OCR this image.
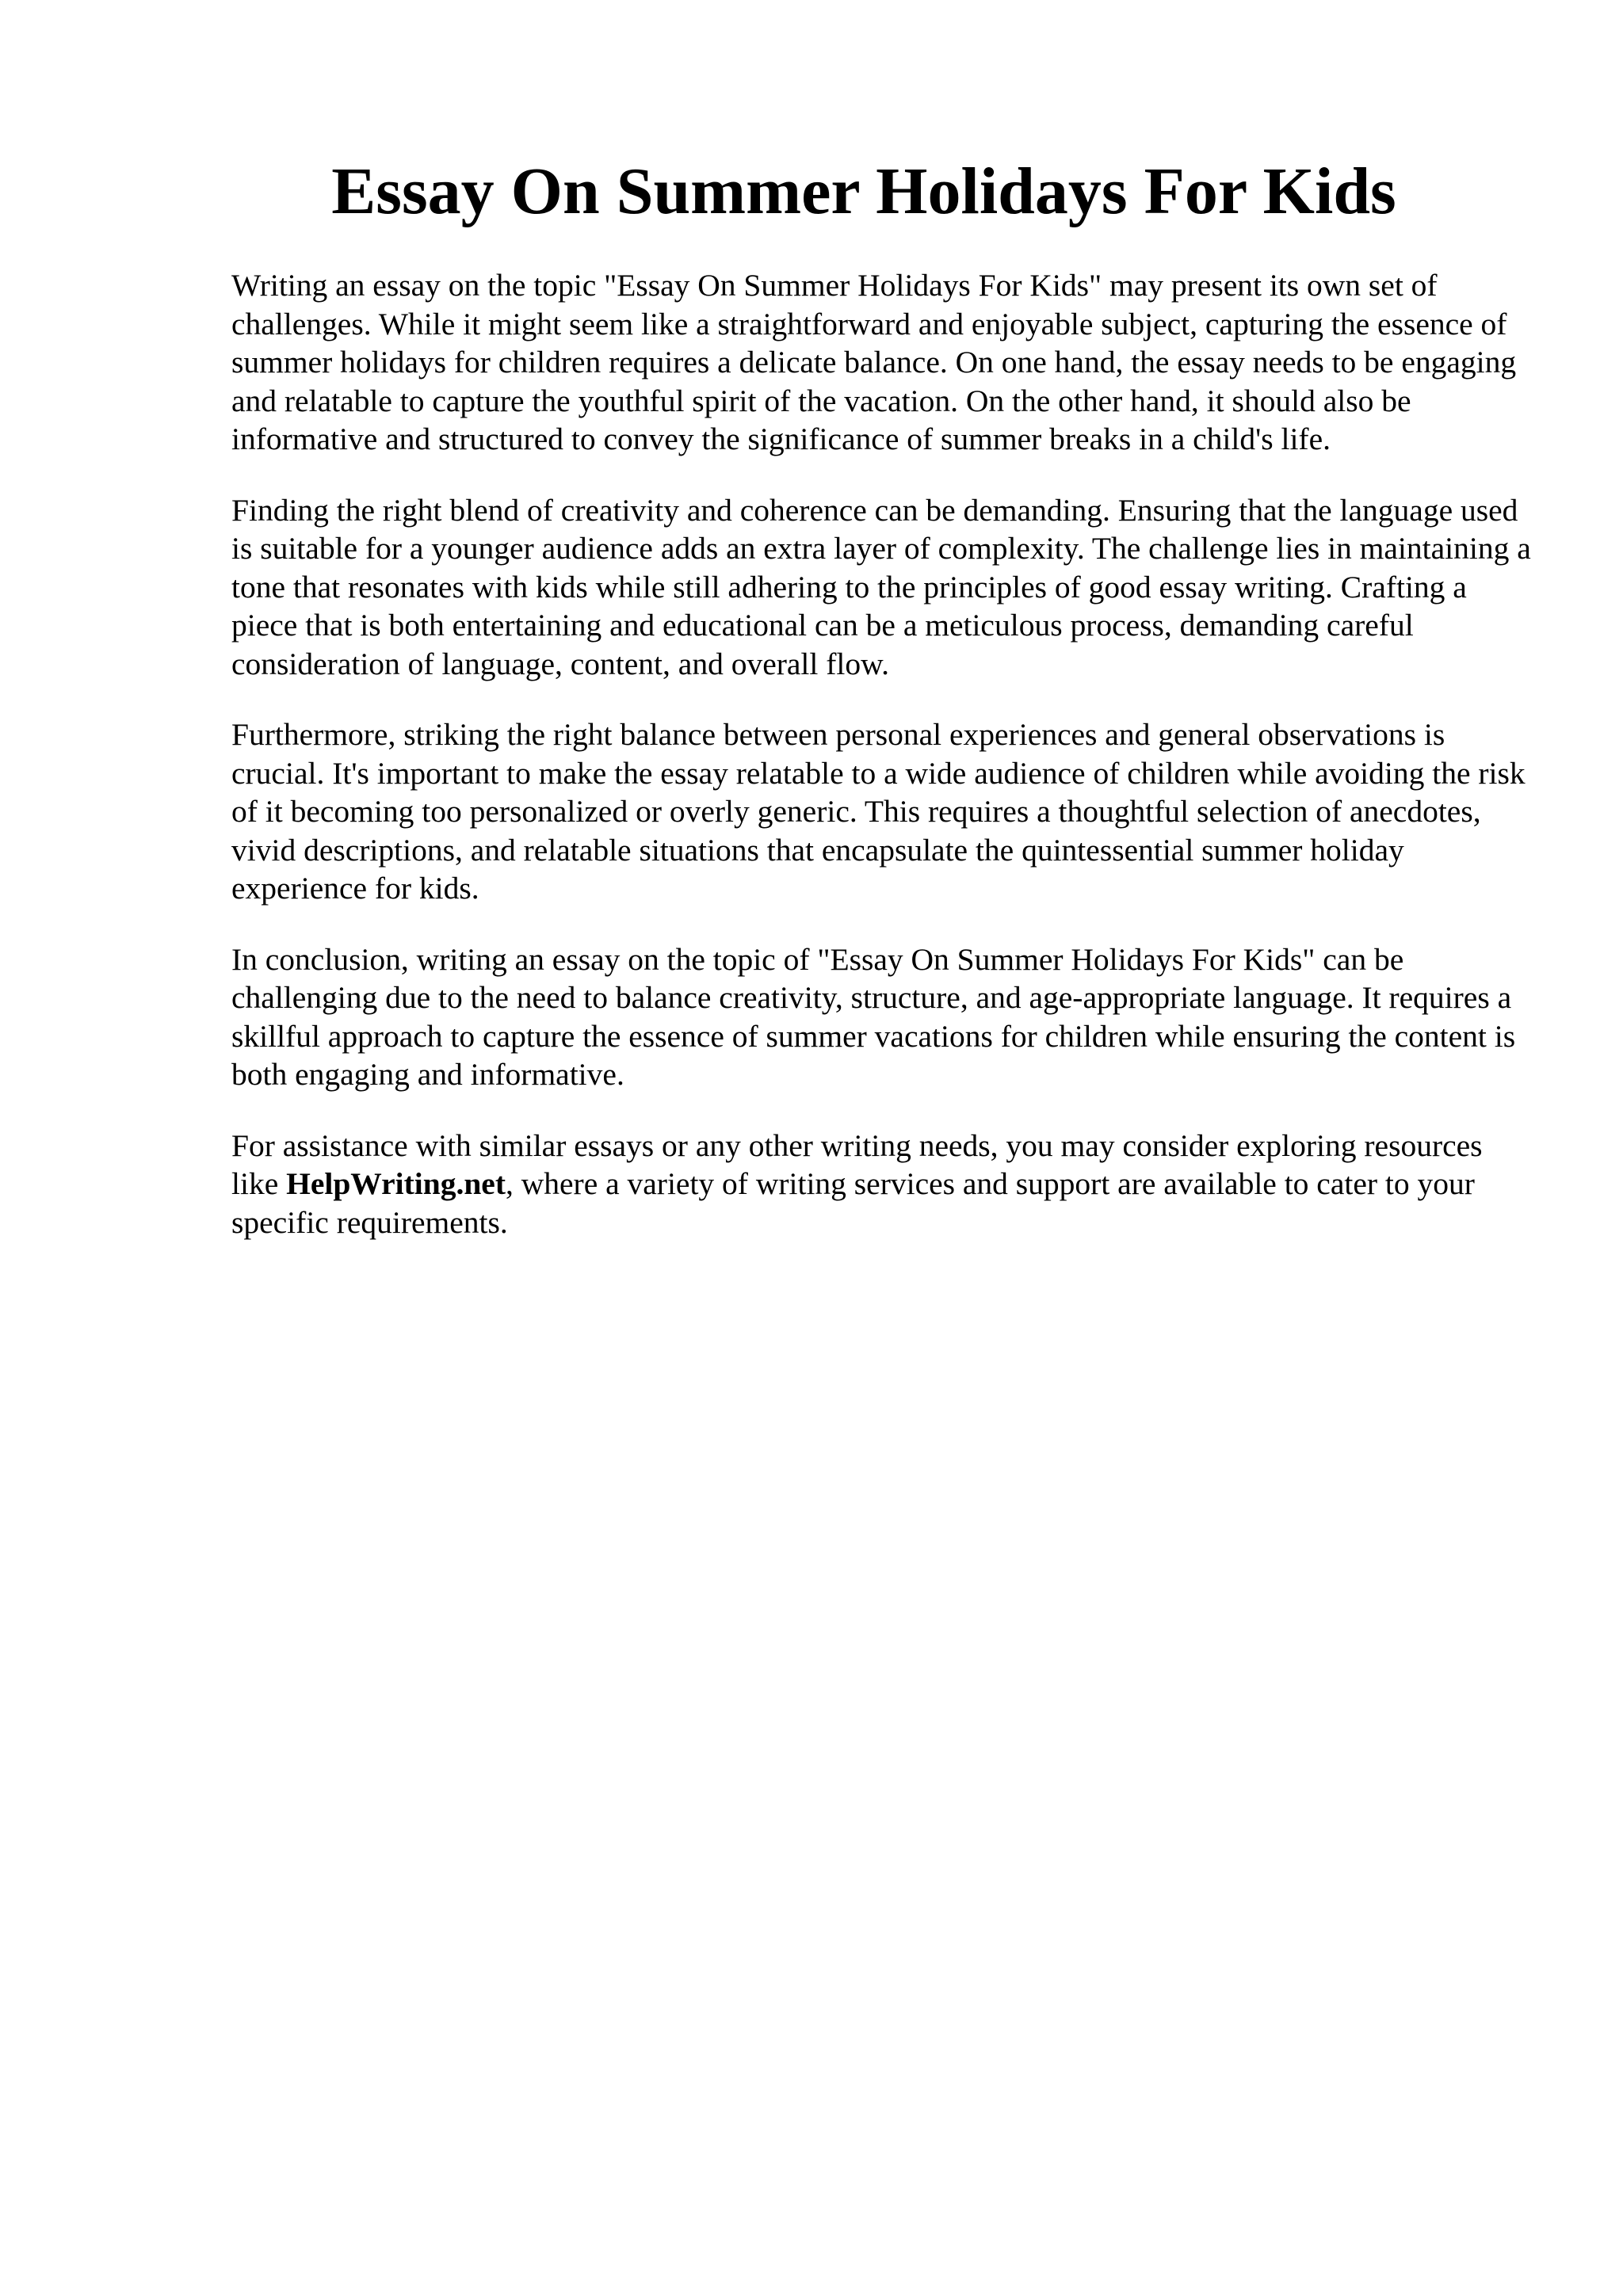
Essay On Summer Holidays For Kids

Writing an essay on the topic "Essay On Summer Holidays For Kids" may present its own set of challenges. While it might seem like a straightforward and enjoyable subject, capturing the essence of summer holidays for children requires a delicate balance. On one hand, the essay needs to be engaging and relatable to capture the youthful spirit of the vacation. On the other hand, it should also be informative and structured to convey the significance of summer breaks in a child's life.

Finding the right blend of creativity and coherence can be demanding. Ensuring that the language used is suitable for a younger audience adds an extra layer of complexity. The challenge lies in maintaining a tone that resonates with kids while still adhering to the principles of good essay writing. Crafting a piece that is both entertaining and educational can be a meticulous process, demanding careful consideration of language, content, and overall flow.

Furthermore, striking the right balance between personal experiences and general observations is crucial. It's important to make the essay relatable to a wide audience of children while avoiding the risk of it becoming too personalized or overly generic. This requires a thoughtful selection of anecdotes, vivid descriptions, and relatable situations that encapsulate the quintessential summer holiday experience for kids.

In conclusion, writing an essay on the topic of "Essay On Summer Holidays For Kids" can be challenging due to the need to balance creativity, structure, and age-appropriate language. It requires a skillful approach to capture the essence of summer vacations for children while ensuring the content is both engaging and informative.

For assistance with similar essays or any other writing needs, you may consider exploring resources like HelpWriting.net, where a variety of writing services and support are available to cater to your specific requirements.
